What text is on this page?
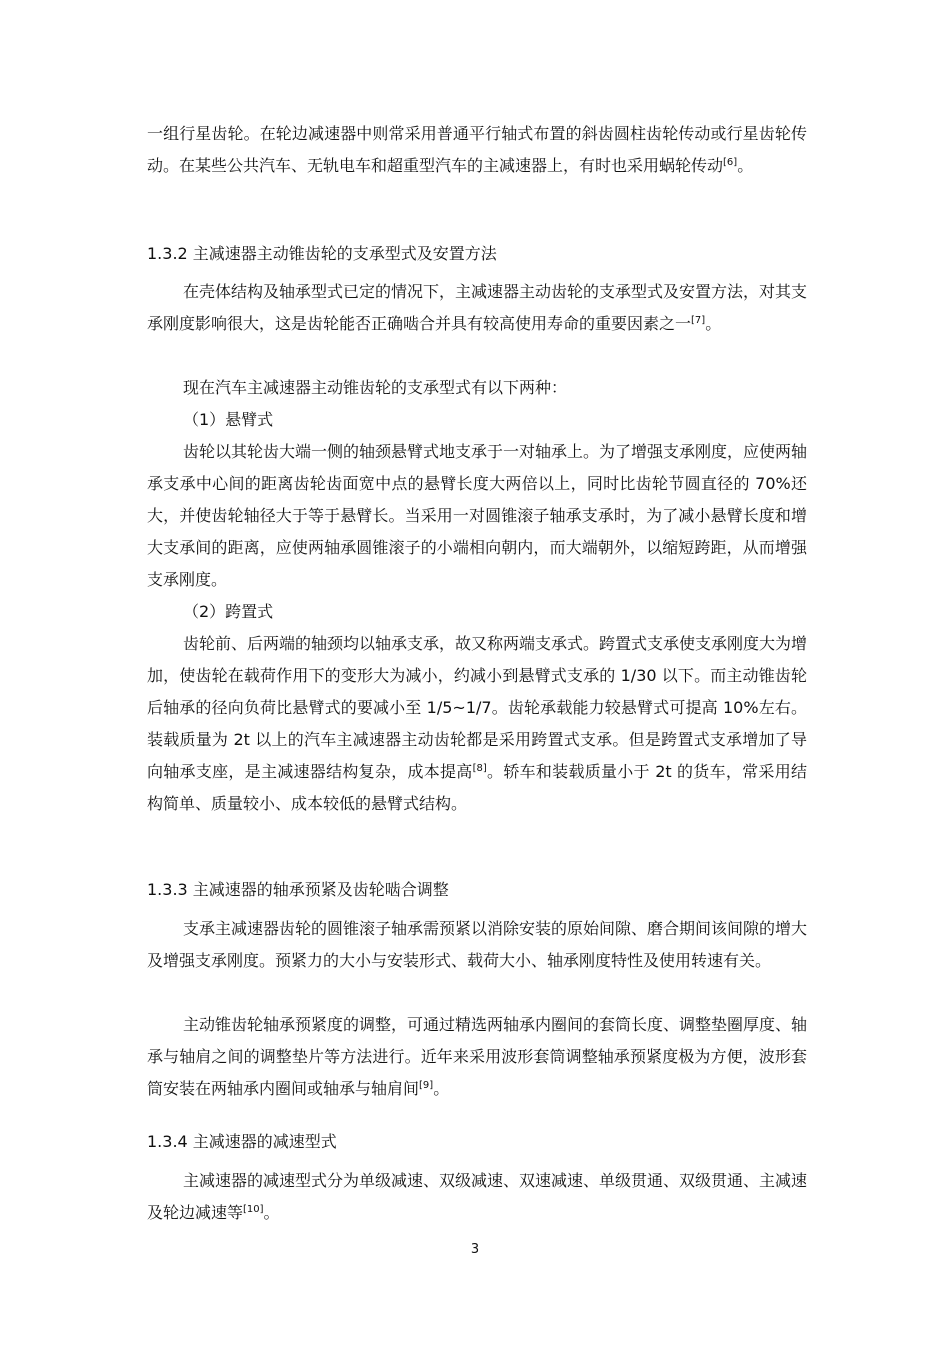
一组行星齿轮。在轮边减速器中则常采用普通平行轴式布置的斜齿圆柱齿轮传动或行星齿轮传动。在某些公共汽车、无轨电车和超重型汽车的主减速器上，有时也采用蜗轮传动[6]。

1.3.2 主减速器主动锥齿轮的支承型式及安置方法

在壳体结构及轴承型式已定的情况下，主减速器主动齿轮的支承型式及安置方法，对其支承刚度影响很大，这是齿轮能否正确啮合并具有较高使用寿命的重要因素之一[7]。

现在汽车主减速器主动锥齿轮的支承型式有以下两种：

（1）悬臂式

齿轮以其轮齿大端一侧的轴颈悬臂式地支承于一对轴承上。为了增强支承刚度，应使两轴承支承中心间的距离齿轮齿面宽中点的悬臂长度大两倍以上，同时比齿轮节圆直径的 70%还大，并使齿轮轴径大于等于悬臂长。当采用一对圆锥滚子轴承支承时，为了减小悬臂长度和增大支承间的距离，应使两轴承圆锥滚子的小端相向朝内，而大端朝外，以缩短跨距，从而增强支承刚度。

（2）跨置式

齿轮前、后两端的轴颈均以轴承支承，故又称两端支承式。跨置式支承使支承刚度大为增加，使齿轮在载荷作用下的变形大为减小，约减小到悬臂式支承的 1/30 以下。而主动锥齿轮后轴承的径向负荷比悬臂式的要减小至 1/5~1/7。齿轮承载能力较悬臂式可提高 10%左右。装载质量为 2t 以上的汽车主减速器主动齿轮都是采用跨置式支承。但是跨置式支承增加了导向轴承支座，是主减速器结构复杂，成本提高[8]。轿车和装载质量小于 2t 的货车，常采用结构简单、质量较小、成本较低的悬臂式结构。

1.3.3 主减速器的轴承预紧及齿轮啮合调整

支承主减速器齿轮的圆锥滚子轴承需预紧以消除安装的原始间隙、磨合期间该间隙的增大及增强支承刚度。预紧力的大小与安装形式、载荷大小、轴承刚度特性及使用转速有关。

主动锥齿轮轴承预紧度的调整，可通过精选两轴承内圈间的套筒长度、调整垫圈厚度、轴承与轴肩之间的调整垫片等方法进行。近年来采用波形套筒调整轴承预紧度极为方便，波形套筒安装在两轴承内圈间或轴承与轴肩间[9]。

1.3.4 主减速器的减速型式

主减速器的减速型式分为单级减速、双级减速、双速减速、单级贯通、双级贯通、主减速及轮边减速等[10]。

3
